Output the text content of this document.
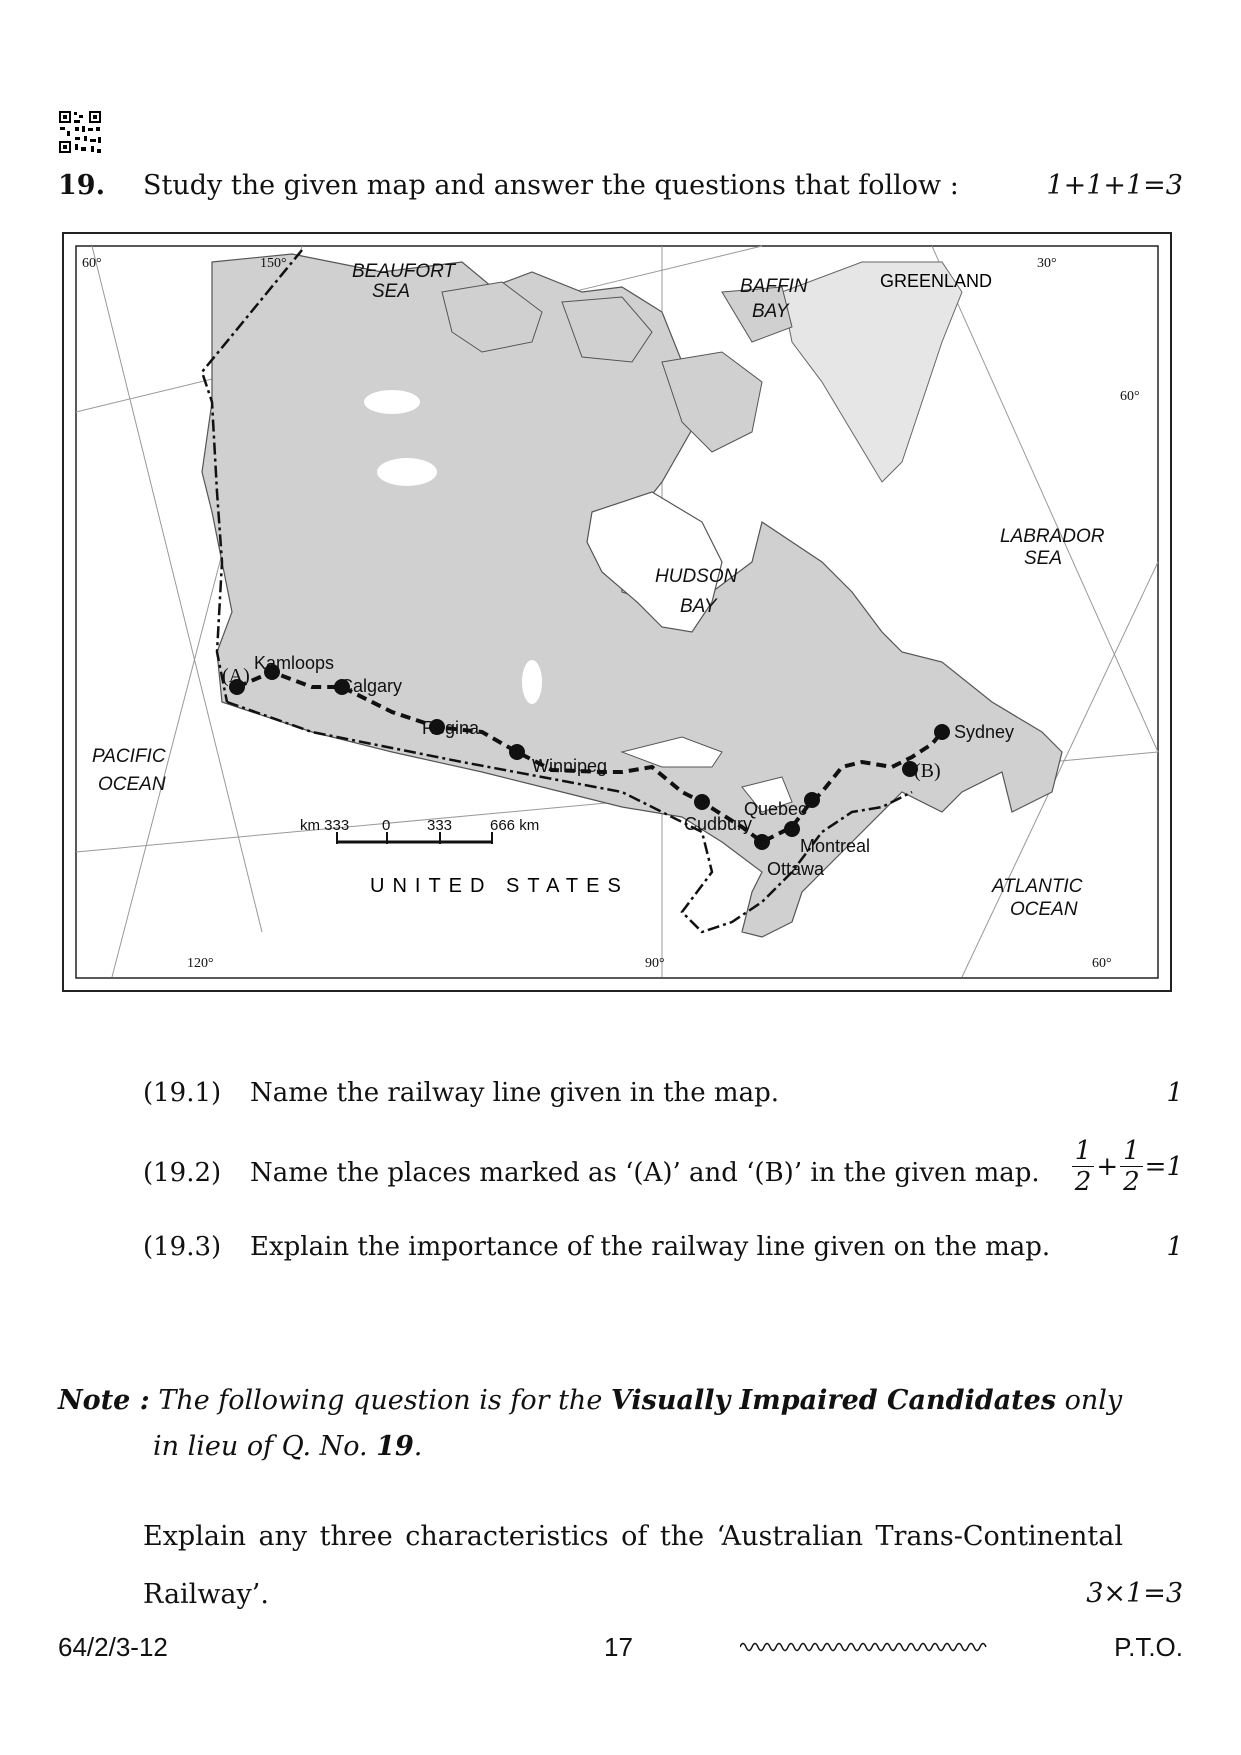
19. Study the given map and answer the questions that follow :	1+1+1=3
BEAUFORT
SEA	BAFFIN
BAY
LABRADOR
SEA
HUDSON
BAY
PACIFIC
OCEAN
ATLANTIC
OCEAN
GREENLAND
UNITED STATES
60°	150°	30°
60°
120°	90°	60°
Kamloops
Calgary
Regina
Winnipeg
Cudbury
Quebec
Montreal
Ottawa
Sydney
(A)
(B)
km 333 0 333	666 km
(19.1) Name the railway line given in the map.	1
(19.2) Name the places marked as ‘(A)’ and ‘(B)’ in the given map. $\frac{1}{2} + \frac{1}{2} =1$
(19.3) Explain the importance of the railway line given on the map.	1
Note : The following question is for the Visually Impaired Candidates only
in lieu of Q. No. 19.
Explain any three characteristics of the ‘Australian Trans-Continental Railway’.	3×1=3
64/2/3-12	17	P.T.O.
